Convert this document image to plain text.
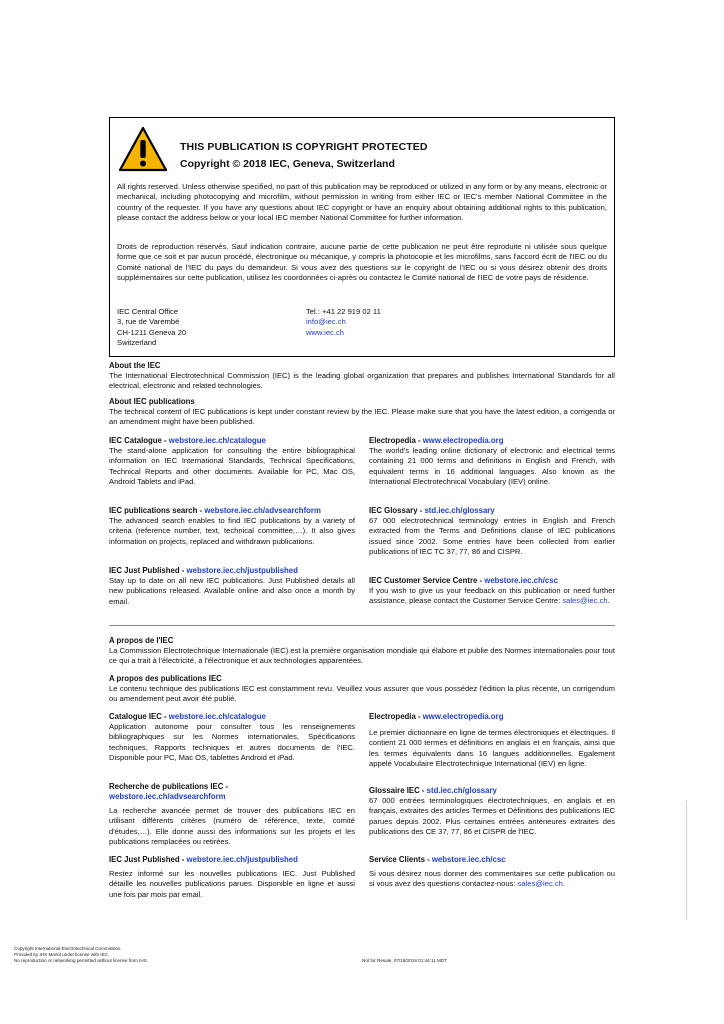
THIS PUBLICATION IS COPYRIGHT PROTECTED
Copyright © 2018 IEC, Geneva, Switzerland
All rights reserved. Unless otherwise specified, no part of this publication may be reproduced or utilized in any form or by any means, electronic or mechanical, including photocopying and microfilm, without permission in writing from either IEC or IEC's member National Committee in the country of the requester. If you have any questions about IEC copyright or have an enquiry about obtaining additional rights to this publication, please contact the address below or your local IEC member National Committee for further information.
Droits de reproduction réservés. Sauf indication contraire, aucune partie de cette publication ne peut être reproduite ni utilisée sous quelque forme que ce soit et par aucun procédé, électronique ou mécanique, y compris la photocopie et les microfilms, sans l'accord écrit de l'IEC ou du Comité national de l'IEC du pays du demandeur. Si vous avez des questions sur le copyright de l'IEC ou si vous désirez obtenir des droits supplémentaires sur cette publication, utilisez les coordonnées ci-après ou contactez le Comité national de l'IEC de votre pays de résidence.
IEC Central Office
3, rue de Varembé
CH-1211 Geneva 20
Switzerland
Tel.: +41 22 919 02 11
info@iec.ch
www.iec.ch
About the IEC
The International Electrotechnical Commission (IEC) is the leading global organization that prepares and publishes International Standards for all electrical, electronic and related technologies.
About IEC publications
The technical content of IEC publications is kept under constant review by the IEC. Please make sure that you have the latest edition, a corrigenda or an amendment might have been published.
IEC Catalogue - webstore.iec.ch/catalogue
The stand-alone application for consulting the entire bibliographical information on IEC International Standards, Technical Specifications, Technical Reports and other documents. Available for PC, Mac OS, Android Tablets and iPad.
IEC publications search - webstore.iec.ch/advsearchform
The advanced search enables to find IEC publications by a variety of criteria (reference number, text, technical committee,…). It also gives information on projects, replaced and withdrawn publications.
IEC Just Published - webstore.iec.ch/justpublished
Stay up to date on all new IEC publications. Just Published details all new publications released. Available online and also once a month by email.
Electropedia - www.electropedia.org
The world's leading online dictionary of electronic and electrical terms containing 21 000 terms and definitions in English and French, with equivalent terms in 16 additional languages. Also known as the International Electrotechnical Vocabulary (IEV) online.
IEC Glossary - std.iec.ch/glossary
67 000 electrotechnical terminology entries in English and French extracted from the Terms and Definitions clause of IEC publications issued since 2002. Some entries have been collected from earlier publications of IEC TC 37, 77, 86 and CISPR.
IEC Customer Service Centre - webstore.iec.ch/csc
If you wish to give us your feedback on this publication or need further assistance, please contact the Customer Service Centre: sales@iec.ch.
A propos de l'IEC
La Commission Electrotechnique Internationale (IEC) est la première organisation mondiale qui élabore et publie des Normes internationales pour tout ce qui a trait à l'électricité, à l'électronique et aux technologies apparentées.
A propos des publications IEC
Le contenu technique des publications IEC est constamment revu. Veuillez vous assurer que vous possédez l'édition la plus récente, un corrigendum ou amendement peut avoir été publié.
Catalogue IEC - webstore.iec.ch/catalogue
Application autonome pour consulter tous les renseignements bibliographiques sur les Normes internationales, Spécifications techniques, Rapports techniques et autres documents de l'IEC. Disponible pour PC, Mac OS, tablettes Android et iPad.
Recherche de publications IEC -
webstore.iec.ch/advsearchform
La recherche avancée permet de trouver des publications IEC en utilisant différents critères (numéro de référence, texte, comité d'études,…). Elle donne aussi des informations sur les projets et les publications remplacées ou retirées.
IEC Just Published - webstore.iec.ch/justpublished
Restez informé sur les nouvelles publications IEC. Just Published détaille les nouvelles publications parues. Disponible en ligne et aussi une fois par mois par email.
Electropedia - www.electropedia.org
Le premier dictionnaire en ligne de termes électroniques et électriques. Il contient 21 000 termes et définitions en anglais et en français, ainsi que les termes équivalents dans 16 langues additionnelles. Egalement appelé Vocabulaire Electrotechnique International (IEV) en ligne.
Glossaire IEC - std.iec.ch/glossary
67 000 entrées terminologiques électrotechniques, en anglais et en français, extraites des articles Termes et Définitions des publications IEC parues depuis 2002. Plus certaines entrées antérieures extraites des publications des CE 37, 77, 86 et CISPR de l'IEC.
Service Clients - webstore.iec.ch/csc
Si vous désirez nous donner des commentaires sur cette publication ou si vous avez des questions contactez-nous: sales@iec.ch.
Copyright International Electrotechnical Commission
Provided by IHS Markit under license with IEC
No reproduction or networking permitted without license from IHS	Not for Resale, 07/18/2018 01:44:11 MDT
